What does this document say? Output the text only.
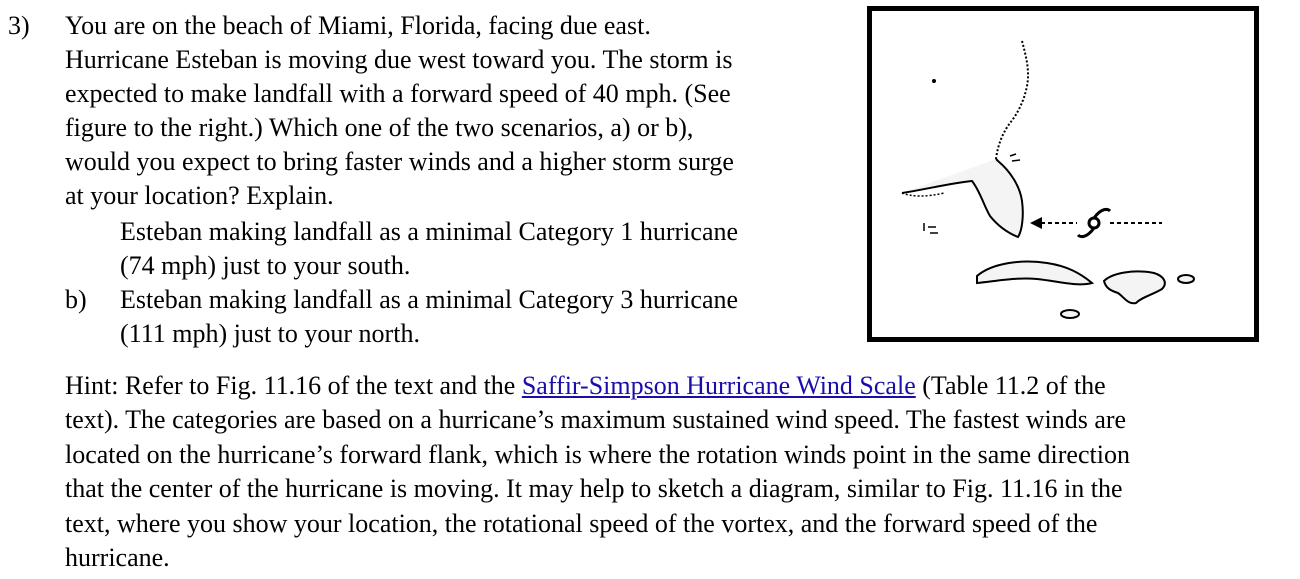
3) You are on the beach of Miami, Florida, facing due east.
Hurricane Esteban is moving due west toward you. The storm is
expected to make landfall with a forward speed of 40 mph. (See
figure to the right.) Which one of the two scenarios, a) or b),
would you expect to bring faster winds and a higher storm surge
at your location? Explain.
Esteban making landfall as a minimal Category 1 hurricane
(74 mph) just to your south.
b) Esteban making landfall as a minimal Category 3 hurricane
(111 mph) just to your north.
Hint: Refer to Fig. 11.16 of the text and the Saffir-Simpson Hurricane Wind Scale (Table 11.2 of the
text). The categories are based on a hurricane’s maximum sustained wind speed. The fastest winds are
located on the hurricane’s forward flank, which is where the rotation winds point in the same direction
that the center of the hurricane is moving. It may help to sketch a diagram, similar to Fig. 11.16 in the
text, where you show your location, the rotational speed of the vortex, and the forward speed of the
hurricane.
